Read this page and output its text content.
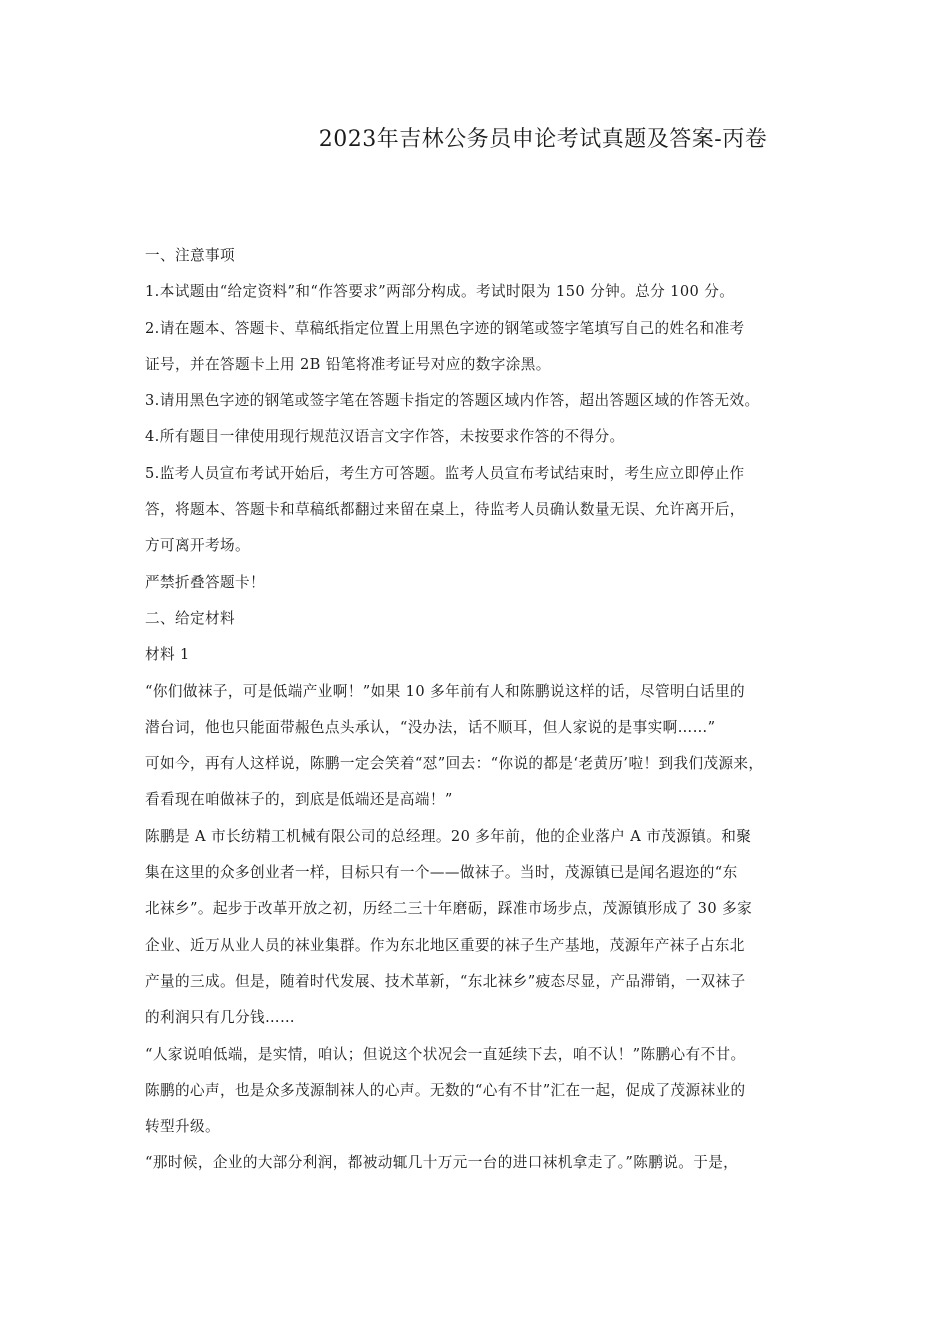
2023年吉林公务员申论考试真题及答案-丙卷
一、注意事项
1.本试题由“给定资料”和“作答要求”两部分构成。考试时限为 150 分钟。总分 100 分。
2.请在题本、答题卡、草稿纸指定位置上用黑色字迹的钢笔或签字笔填写自己的姓名和准考
证号，并在答题卡上用 2B 铅笔将准考证号对应的数字涂黑。
3.请用黑色字迹的钢笔或签字笔在答题卡指定的答题区域内作答，超出答题区域的作答无效。
4.所有题目一律使用现行规范汉语言文字作答，未按要求作答的不得分。
5.监考人员宣布考试开始后，考生方可答题。监考人员宣布考试结束时，考生应立即停止作
答，将题本、答题卡和草稿纸都翻过来留在桌上，待监考人员确认数量无误、允许离开后，
方可离开考场。
严禁折叠答题卡！
二、给定材料
材料 1
“你们做袜子，可是低端产业啊！”如果 10 多年前有人和陈鹏说这样的话，尽管明白话里的
潜台词，他也只能面带赧色点头承认，“没办法，话不顺耳，但人家说的是事实啊……”
可如今，再有人这样说，陈鹏一定会笑着“怼”回去：“你说的都是‘老黄历’啦！到我们茂源来，
看看现在咱做袜子的，到底是低端还是高端！”
陈鹏是 A 市长纺精工机械有限公司的总经理。20 多年前，他的企业落户 A 市茂源镇。和聚
集在这里的众多创业者一样，目标只有一个——做袜子。当时，茂源镇已是闻名遐迩的“东
北袜乡”。起步于改革开放之初，历经二三十年磨砺，踩准市场步点，茂源镇形成了 30 多家
企业、近万从业人员的袜业集群。作为东北地区重要的袜子生产基地，茂源年产袜子占东北
产量的三成。但是，随着时代发展、技术革新，“东北袜乡”疲态尽显，产品滞销，一双袜子
的利润只有几分钱……
“人家说咱低端，是实情，咱认；但说这个状况会一直延续下去，咱不认！”陈鹏心有不甘。
陈鹏的心声，也是众多茂源制袜人的心声。无数的“心有不甘”汇在一起，促成了茂源袜业的
转型升级。
“那时候，企业的大部分利润，都被动辄几十万元一台的进口袜机拿走了。”陈鹏说。于是，
